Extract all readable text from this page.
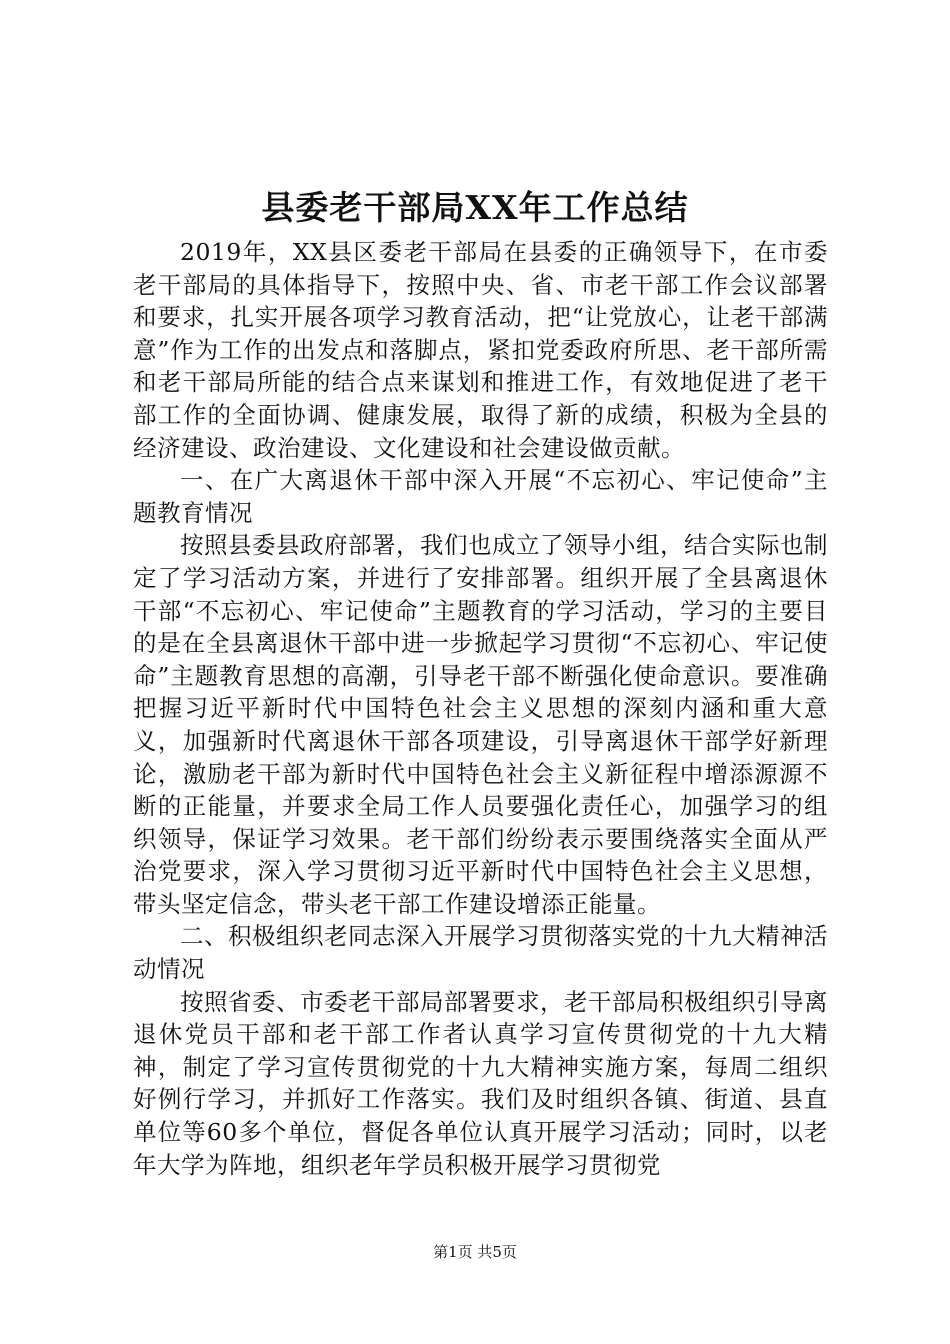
县委老干部局XX年工作总结

2019年，XX县区委老干部局在县委的正确领导下，在市委老干部局的具体指导下，按照中央、省、市老干部工作会议部署和要求，扎实开展各项学习教育活动，把“让党放心，让老干部满意”作为工作的出发点和落脚点，紧扣党委政府所思、老干部所需和老干部局所能的结合点来谋划和推进工作，有效地促进了老干部工作的全面协调、健康发展，取得了新的成绩，积极为全县的经济建设、政治建设、文化建设和社会建设做贡献。

一、在广大离退休干部中深入开展“不忘初心、牢记使命”主题教育情况

按照县委县政府部署，我们也成立了领导小组，结合实际也制定了学习活动方案，并进行了安排部署。组织开展了全县离退休干部“不忘初心、牢记使命”主题教育的学习活动，学习的主要目的是在全县离退休干部中进一步掀起学习贯彻“不忘初心、牢记使命”主题教育思想的高潮，引导老干部不断强化使命意识。要准确把握习近平新时代中国特色社会主义思想的深刻内涵和重大意义，加强新时代离退休干部各项建设，引导离退休干部学好新理论，激励老干部为新时代中国特色社会主义新征程中增添源源不断的正能量，并要求全局工作人员要强化责任心，加强学习的组织领导，保证学习效果。老干部们纷纷表示要围绕落实全面从严治党要求，深入学习贯彻习近平新时代中国特色社会主义思想，带头坚定信念，带头老干部工作建设增添正能量。

二、积极组织老同志深入开展学习贯彻落实党的十九大精神活动情况

按照省委、市委老干部局部署要求，老干部局积极组织引导离退休党员干部和老干部工作者认真学习宣传贯彻党的十九大精神，制定了学习宣传贯彻党的十九大精神实施方案，每周二组织好例行学习，并抓好工作落实。我们及时组织各镇、街道、县直单位等60多个单位，督促各单位认真开展学习活动；同时，以老年大学为阵地，组织老年学员积极开展学习贯彻党

第1页 共5页
